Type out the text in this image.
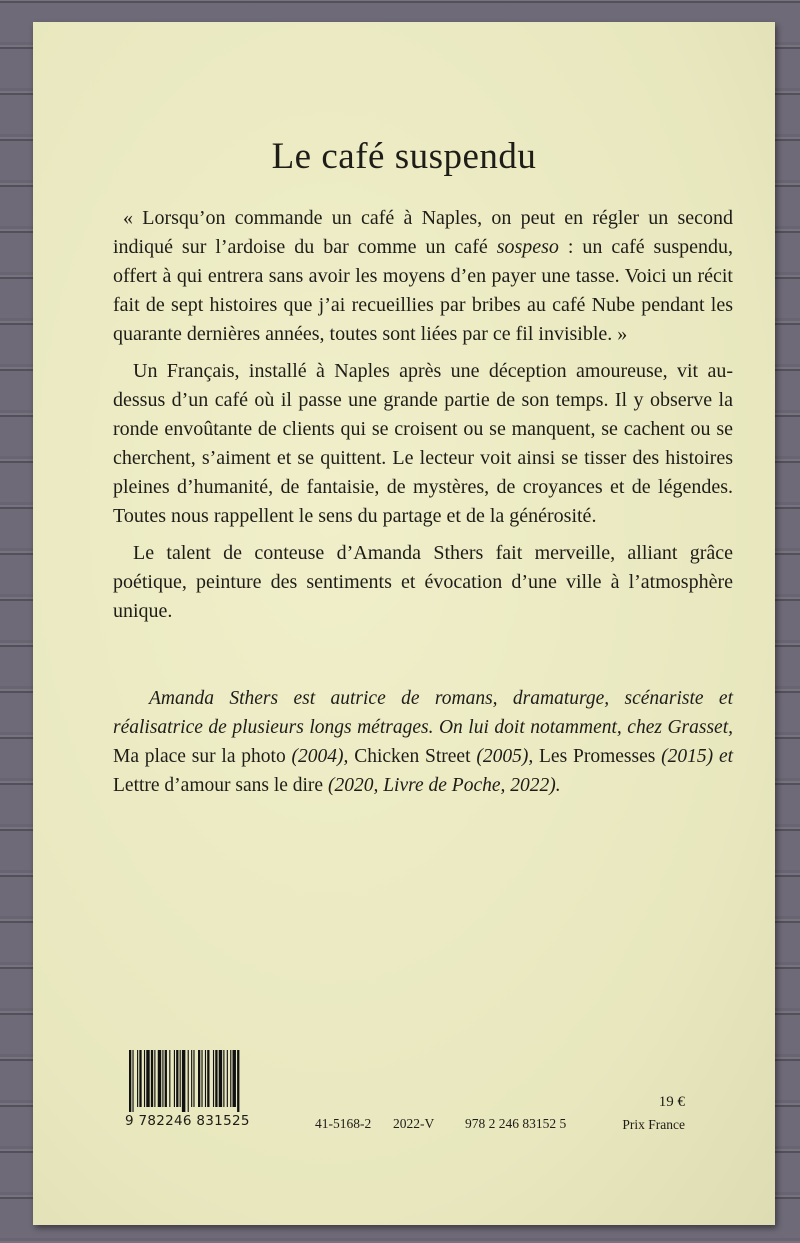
Le café suspendu

« Lorsqu’on commande un café à Naples, on peut en régler un second indiqué sur l’ardoise du bar comme un café sospeso : un café suspendu, offert à qui entrera sans avoir les moyens d’en payer une tasse. Voici un récit fait de sept histoires que j’ai recueillies par bribes au café Nube pendant les quarante dernières années, toutes sont liées par ce fil invisible. »

Un Français, installé à Naples après une déception amoureuse, vit au-dessus d’un café où il passe une grande partie de son temps. Il y observe la ronde envoûtante de clients qui se croisent ou se manquent, se cachent ou se cherchent, s’aiment et se quittent. Le lecteur voit ainsi se tisser des histoires pleines d’humanité, de fantaisie, de mystères, de croyances et de légendes. Toutes nous rappellent le sens du partage et de la générosité.

Le talent de conteuse d’Amanda Sthers fait merveille, alliant grâce poétique, peinture des sentiments et évocation d’une ville à l’atmosphère unique.

Amanda Sthers est autrice de romans, dramaturge, scénariste et réalisatrice de plusieurs longs métrages. On lui doit notamment, chez Grasset, Ma place sur la photo (2004), Chicken Street (2005), Les Promesses (2015) et Lettre d’amour sans le dire (2020, Livre de Poche, 2022).

9 782246 831525	41-5168-2 2022-V 978 2 246 83152 5
19 €
Prix France
